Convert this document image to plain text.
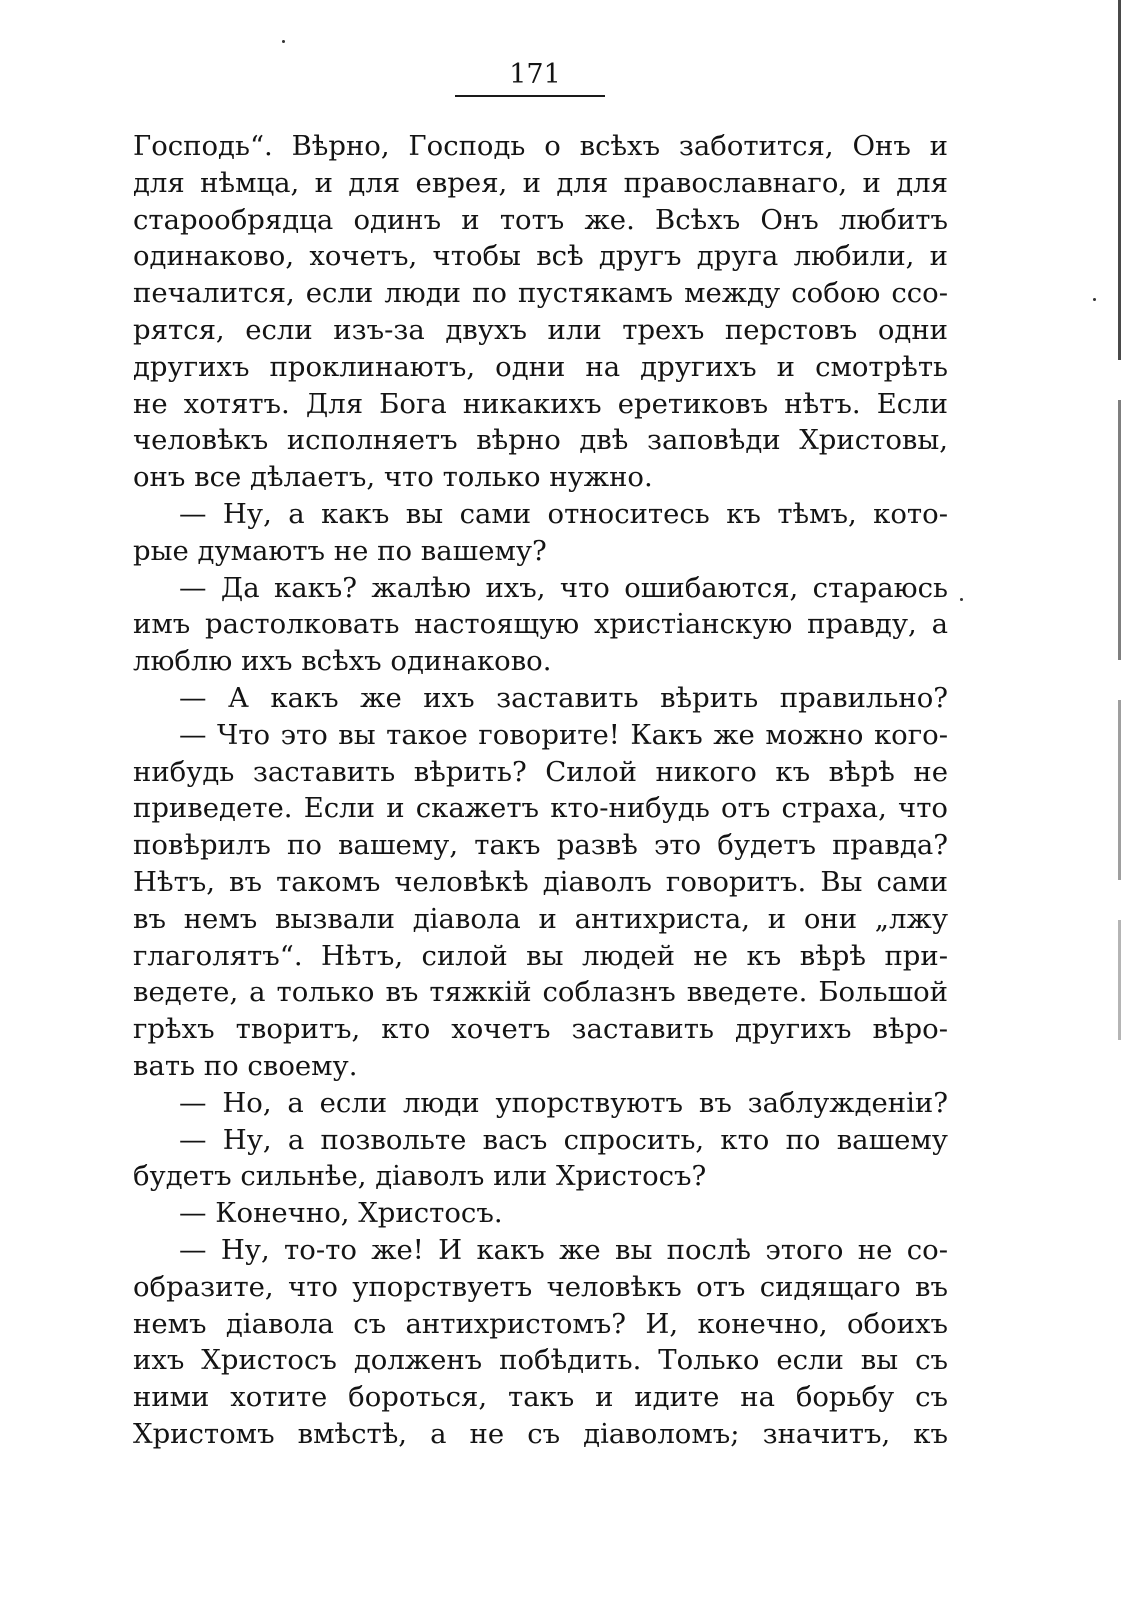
171
Господь“. Вѣрно, Господь о всѣхъ заботится, Онъ и
для нѣмца, и для еврея, и для православнаго, и для
старообрядца одинъ и тотъ же. Всѣхъ Онъ любитъ
одинаково, хочетъ, чтобы всѣ другъ друга любили, и
печалится, если люди по пустякамъ между собою ссо-
рятся, если изъ-за двухъ или трехъ перстовъ одни
другихъ проклинаютъ, одни на другихъ и смотрѣть
не хотятъ. Для Бога никакихъ еретиковъ нѣтъ. Если
человѣкъ исполняетъ вѣрно двѣ заповѣди Христовы,
онъ все дѣлаетъ, что только нужно.
— Ну, а какъ вы сами относитесь къ тѣмъ, кото-
рые думаютъ не по вашему?
— Да какъ? жалѣю ихъ, что ошибаются, стараюсь
имъ растолковать настоящую христіанскую правду, а
люблю ихъ всѣхъ одинаково.
— А какъ же ихъ заставить вѣрить правильно?
— Что это вы такое говорите! Какъ же можно кого-
нибудь заставить вѣрить? Силой никого къ вѣрѣ не
приведете. Если и скажетъ кто-нибудь отъ страха, что
повѣрилъ по вашему, такъ развѣ это будетъ правда?
Нѣтъ, въ такомъ человѣкѣ діаволъ говоритъ. Вы сами
въ немъ вызвали діавола и антихриста, и они „лжу
глаголятъ“. Нѣтъ, силой вы людей не къ вѣрѣ при-
ведете, а только въ тяжкій соблазнъ введете. Большой
грѣхъ творитъ, кто хочетъ заставить другихъ вѣро-
вать по своему.
— Но, а если люди упорствуютъ въ заблужденіи?
— Ну, а позвольте васъ спросить, кто по вашему
будетъ сильнѣе, діаволъ или Христосъ?
— Конечно, Христосъ.
— Ну, то-то же! И какъ же вы послѣ этого не со-
образите, что упорствуетъ человѣкъ отъ сидящаго въ
немъ діавола съ антихристомъ? И, конечно, обоихъ
ихъ Христосъ долженъ побѣдить. Только если вы съ
ними хотите бороться, такъ и идите на борьбу съ
Христомъ вмѣстѣ, а не съ діаволомъ; значитъ, къ
